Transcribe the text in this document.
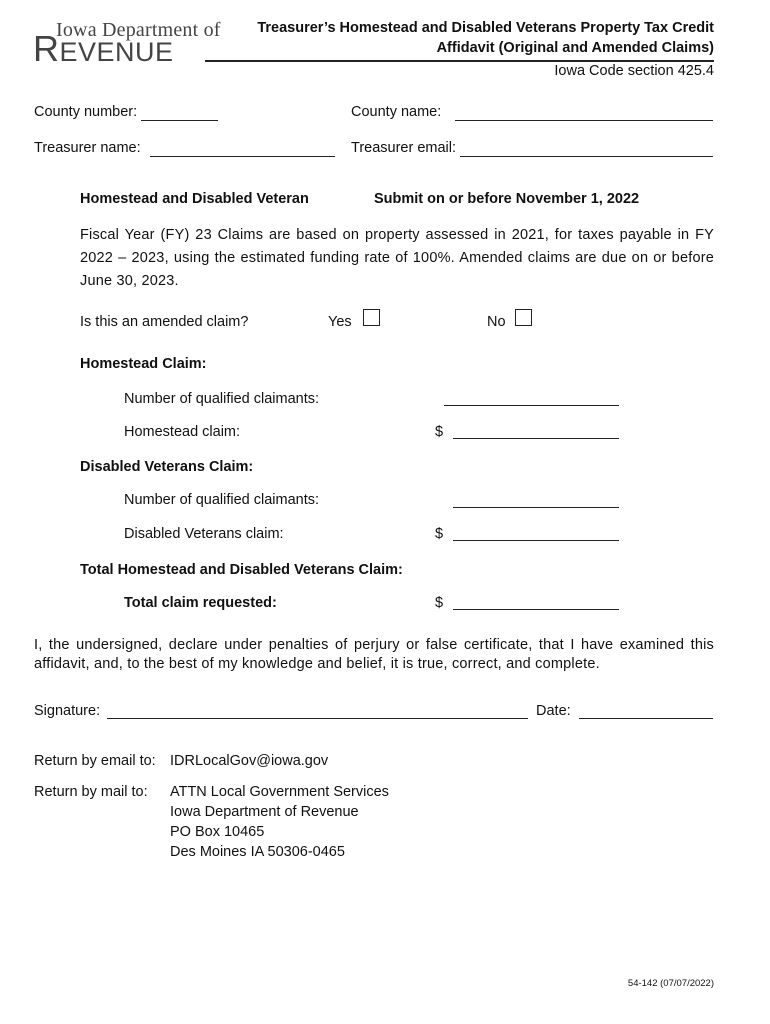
Iowa Department of
REVENUE
Treasurer’s Homestead and Disabled Veterans Property Tax Credit
Affidavit (Original and Amended Claims)
Iowa Code section 425.4
County number:	County name:
Treasurer name:	Treasurer email:
Homestead and Disabled Veteran	Submit on or before November 1, 2022
Fiscal Year (FY) 23 Claims are based on property assessed in 2021, for taxes payable in FY 2022 – 2023, using the estimated funding rate of 100%. Amended claims are due on or before June 30, 2023.
Is this an amended claim?	Yes	No
Homestead Claim:
Number of qualified claimants:
Homestead claim:	$
Disabled Veterans Claim:
Number of qualified claimants:
Disabled Veterans claim:	$
Total Homestead and Disabled Veterans Claim:
Total claim requested:	$
I, the undersigned, declare under penalties of perjury or false certificate, that I have examined this affidavit, and, to the best of my knowledge and belief, it is true, correct, and complete.
Signature:	Date:
Return by email to: IDRLocalGov@iowa.gov
Return by mail to: ATTN Local Government Services
Iowa Department of Revenue
PO Box 10465
Des Moines IA 50306-0465
54-142 (07/07/2022)
